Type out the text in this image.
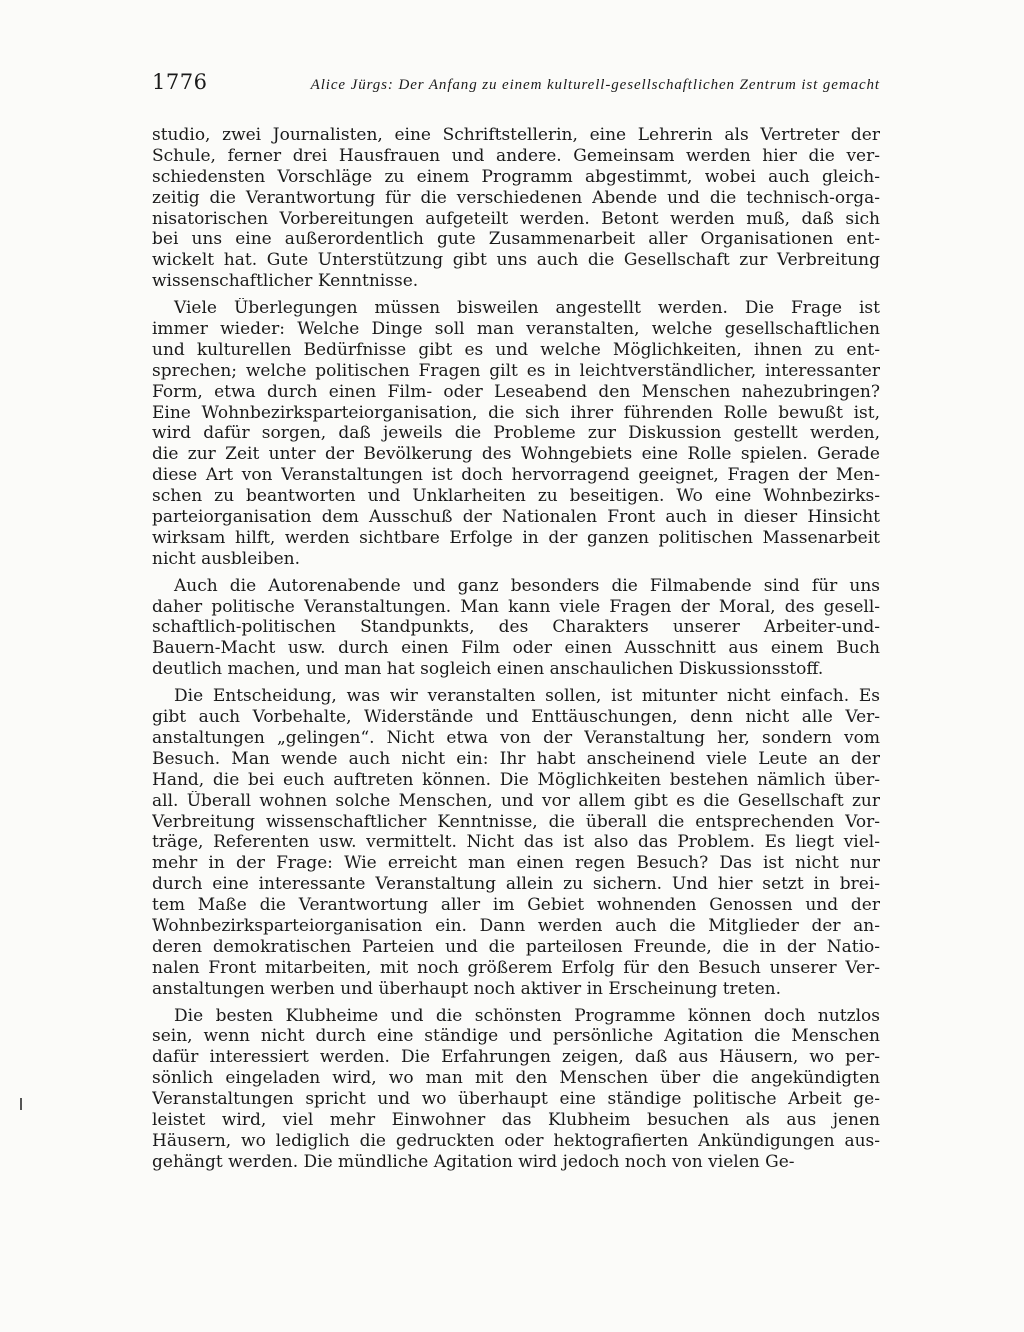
1776	Alice Jürgs: Der Anfang zu einem kulturell-gesellschaftlichen Zentrum ist gemacht
studio, zwei Journalisten, eine Schriftstellerin, eine Lehrerin als Vertreter der
Schule, ferner drei Hausfrauen und andere. Gemeinsam werden hier die ver-
schiedensten Vorschläge zu einem Programm abgestimmt, wobei auch gleich-
zeitig die Verantwortung für die verschiedenen Abende und die technisch-orga-
nisatorischen Vorbereitungen aufgeteilt werden. Betont werden muß, daß sich
bei uns eine außerordentlich gute Zusammenarbeit aller Organisationen ent-
wickelt hat. Gute Unterstützung gibt uns auch die Gesellschaft zur Verbreitung
wissenschaftlicher Kenntnisse.
Viele Überlegungen müssen bisweilen angestellt werden. Die Frage ist
immer wieder: Welche Dinge soll man veranstalten, welche gesellschaftlichen
und kulturellen Bedürfnisse gibt es und welche Möglichkeiten, ihnen zu ent-
sprechen; welche politischen Fragen gilt es in leichtverständlicher, interessanter
Form, etwa durch einen Film- oder Leseabend den Menschen nahezubringen?
Eine Wohnbezirksparteiorganisation, die sich ihrer führenden Rolle bewußt ist,
wird dafür sorgen, daß jeweils die Probleme zur Diskussion gestellt werden,
die zur Zeit unter der Bevölkerung des Wohngebiets eine Rolle spielen. Gerade
diese Art von Veranstaltungen ist doch hervorragend geeignet, Fragen der Men-
schen zu beantworten und Unklarheiten zu beseitigen. Wo eine Wohnbezirks-
parteiorganisation dem Ausschuß der Nationalen Front auch in dieser Hinsicht
wirksam hilft, werden sichtbare Erfolge in der ganzen politischen Massenarbeit
nicht ausbleiben.
Auch die Autorenabende und ganz besonders die Filmabende sind für uns
daher politische Veranstaltungen. Man kann viele Fragen der Moral, des gesell-
schaftlich-politischen Standpunkts, des Charakters unserer Arbeiter-und-
Bauern-Macht usw. durch einen Film oder einen Ausschnitt aus einem Buch
deutlich machen, und man hat sogleich einen anschaulichen Diskussionsstoff.
Die Entscheidung, was wir veranstalten sollen, ist mitunter nicht einfach. Es
gibt auch Vorbehalte, Widerstände und Enttäuschungen, denn nicht alle Ver-
anstaltungen „gelingen“. Nicht etwa von der Veranstaltung her, sondern vom
Besuch. Man wende auch nicht ein: Ihr habt anscheinend viele Leute an der
Hand, die bei euch auftreten können. Die Möglichkeiten bestehen nämlich über-
all. Überall wohnen solche Menschen, und vor allem gibt es die Gesellschaft zur
Verbreitung wissenschaftlicher Kenntnisse, die überall die entsprechenden Vor-
träge, Referenten usw. vermittelt. Nicht das ist also das Problem. Es liegt viel-
mehr in der Frage: Wie erreicht man einen regen Besuch? Das ist nicht nur
durch eine interessante Veranstaltung allein zu sichern. Und hier setzt in brei-
tem Maße die Verantwortung aller im Gebiet wohnenden Genossen und der
Wohnbezirksparteiorganisation ein. Dann werden auch die Mitglieder der an-
deren demokratischen Parteien und die parteilosen Freunde, die in der Natio-
nalen Front mitarbeiten, mit noch größerem Erfolg für den Besuch unserer Ver-
anstaltungen werben und überhaupt noch aktiver in Erscheinung treten.
Die besten Klubheime und die schönsten Programme können doch nutzlos
sein, wenn nicht durch eine ständige und persönliche Agitation die Menschen
dafür interessiert werden. Die Erfahrungen zeigen, daß aus Häusern, wo per-
sönlich eingeladen wird, wo man mit den Menschen über die angekündigten
Veranstaltungen spricht und wo überhaupt eine ständige politische Arbeit ge-
leistet wird, viel mehr Einwohner das Klubheim besuchen als aus jenen
Häusern, wo lediglich die gedruckten oder hektografierten Ankündigungen aus-
gehängt werden. Die mündliche Agitation wird jedoch noch von vielen Ge-
